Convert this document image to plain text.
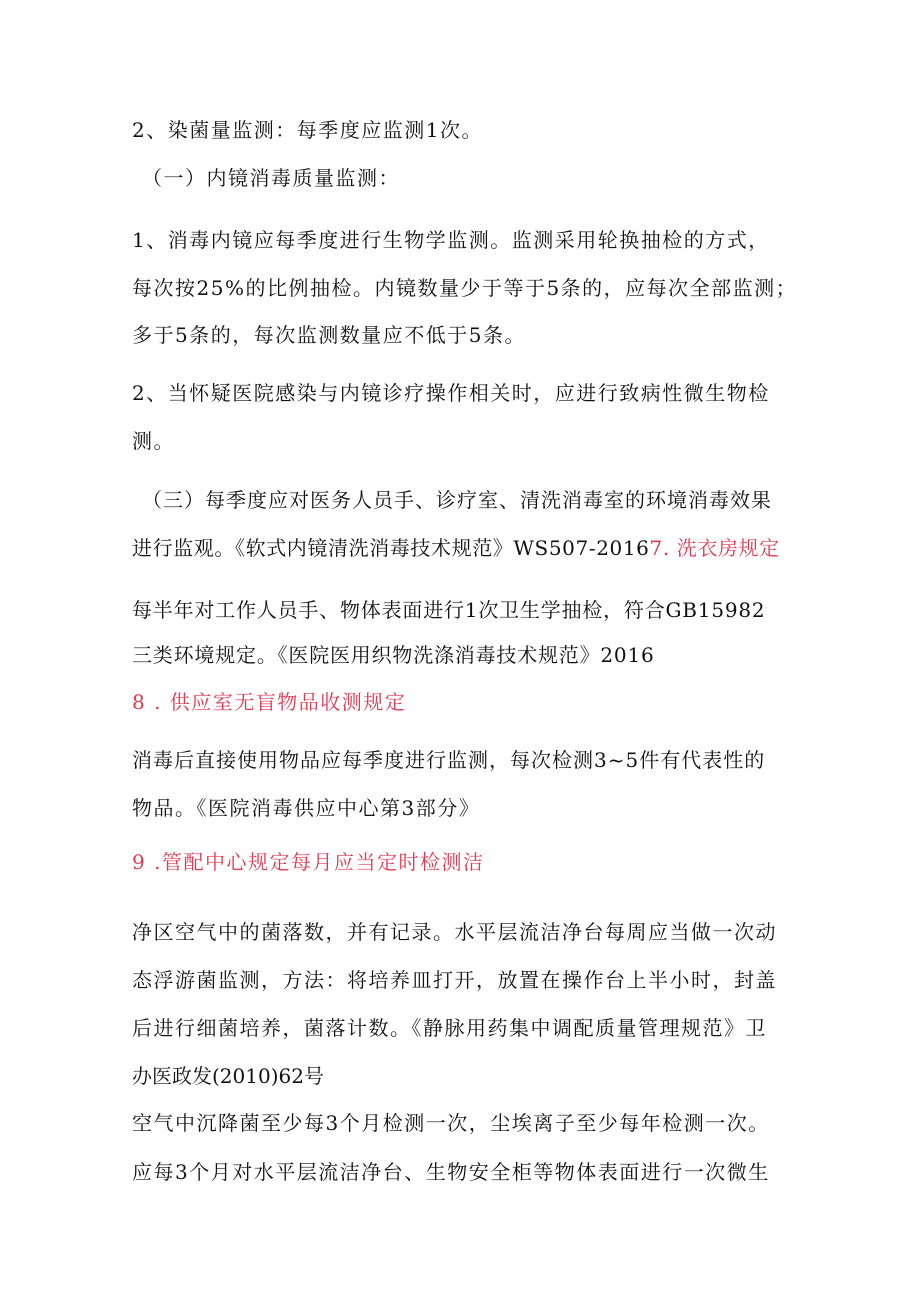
2、染菌量监测：每季度应监测1次。
（一）内镜消毒质量监测：
1、消毒内镜应每季度进行生物学监测。监测采用轮换抽检的方式，
每次按25%的比例抽检。内镜数量少于等于5条的，应每次全部监测；
多于5条的，每次监测数量应不低于5条。
2、当怀疑医院感染与内镜诊疗操作相关时，应进行致病性微生物检
测。
（三）每季度应对医务人员手、诊疗室、清洗消毒室的环境消毒效果
进行监观。《软式内镜清洗消毒技术规范》WS507-20167. 洗衣房规定
每半年对工作人员手、物体表面进行1次卫生学抽检，符合GB15982
三类环境规定。《医院医用织物洗涤消毒技术规范》2016
8 . 供应室无盲物品收测规定
消毒后直接使用物品应每季度进行监测，每次检测3~5件有代表性的
物品。《医院消毒供应中心第3部分》
9 .管配中心规定每月应当定时检测洁
净区空气中的菌落数，并有记录。水平层流洁净台每周应当做一次动
态浮游菌监测，方法：将培养皿打开，放置在操作台上半小时，封盖
后进行细菌培养，菌落计数。《静脉用药集中调配质量管理规范》卫
办医政发(2010)62号
空气中沉降菌至少每3个月检测一次，尘埃离子至少每年检测一次。
应每3个月对水平层流洁净台、生物安全柜等物体表面进行一次微生
